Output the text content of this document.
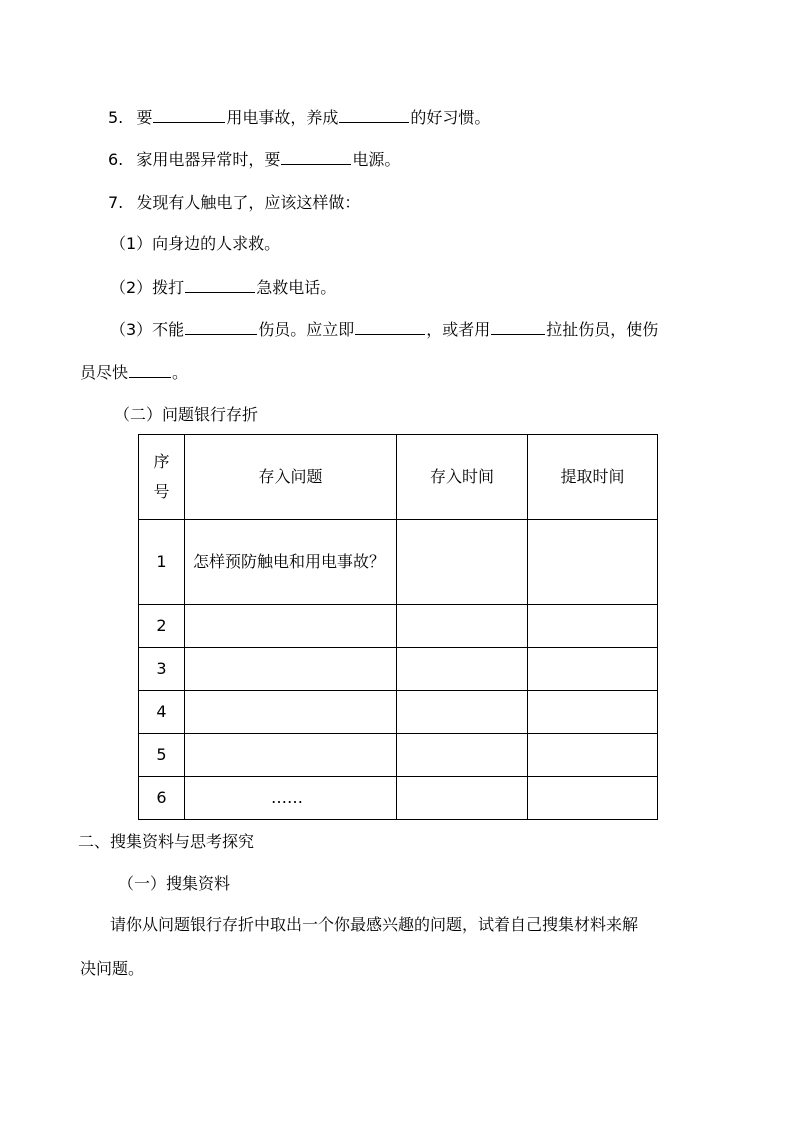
5. 要	用电事故，养成	的好习惯。
6. 家用电器异常时，要	电源。
7. 发现有人触电了，应该这样做：
（1）向身边的人求救。
（2）拨打	急救电话。
（3）不能	伤员。应立即	，或者用	拉扯伤员，使伤
员尽快	。
（二）问题银行存折
序
号	存入问题	存入时间	提取时间
1	怎样预防触电和用电事故？		
2			
3			
4			
5			
6	……		
二、搜集资料与思考探究
（一）搜集资料
请你从问题银行存折中取出一个你最感兴趣的问题，试着自己搜集材料来解
决问题。
